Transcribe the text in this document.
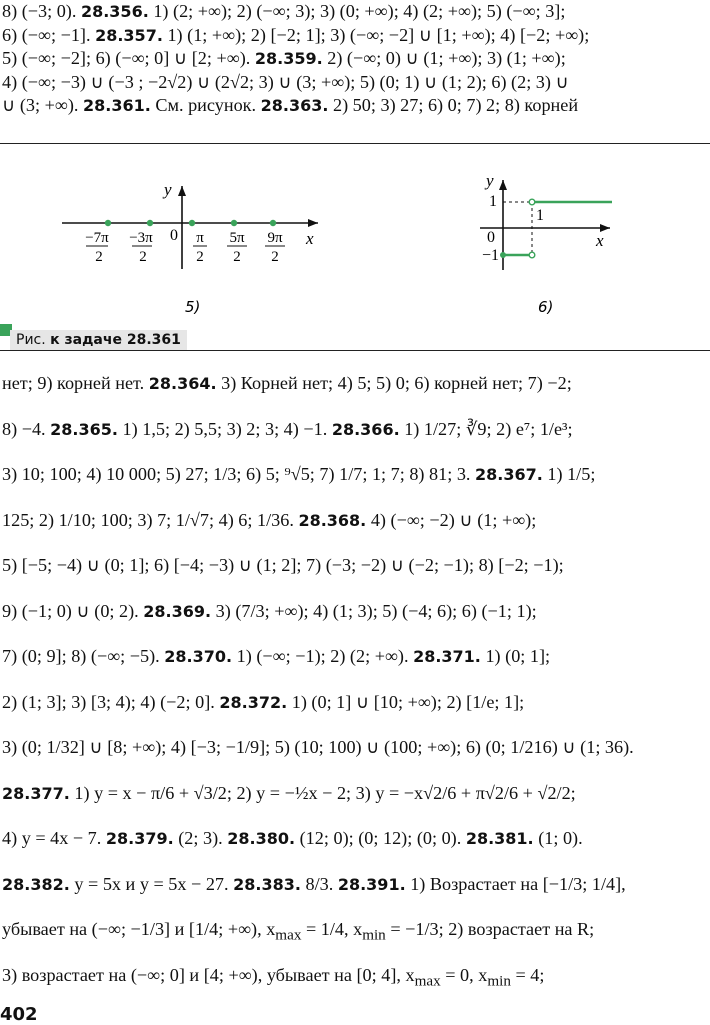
8) (−3; 0). 28.356. 1) (2; +∞); 2) (−∞; 3); 3) (0; +∞); 4) (2; +∞); 5) (−∞; 3];
6) (−∞; −1]. 28.357. 1) (1; +∞); 2) [−2; 1]; 3) (−∞; −2] ∪ [1; +∞); 4) [−2; +∞);
5) (−∞; −2]; 6) (−∞; 0] ∪ [2; +∞). 28.359. 2) (−∞; 0) ∪ (1; +∞); 3) (1; +∞);
4) (−∞; −3) ∪ (−3 ; −2√2) ∪ (2√2; 3) ∪ (3; +∞); 5) (0; 1) ∪ (1; 2); 6) (2; 3) ∪
∪ (3; +∞). 28.361. См. рисунок. 28.363. 2) 50; 3) 27; 6) 0; 7) 2; 8) корней
y
x
0
−7π
2
−3π
2
π
2
5π
2
9π
2
y
x
0
1
−1
1
5)	6)
Рис. к задаче 28.361
нет; 9) корней нет. 28.364. 3) Корней нет; 4) 5; 5) 0; 6) корней нет; 7) −2;
8) −4. 28.365. 1) 1,5; 2) 5,5; 3) 2; 3; 4) −1. 28.366. 1) 1/27; ∛9; 2) e⁷; 1/e³;
3) 10; 100; 4) 10 000; 5) 27; 1/3; 6) 5; ⁹√5; 7) 1/7; 1; 7; 8) 81; 3. 28.367. 1) 1/5;
125; 2) 1/10; 100; 3) 7; 1/√7; 4) 6; 1/36. 28.368. 4) (−∞; −2) ∪ (1; +∞);
5) [−5; −4) ∪ (0; 1]; 6) [−4; −3) ∪ (1; 2]; 7) (−3; −2) ∪ (−2; −1); 8) [−2; −1);
9) (−1; 0) ∪ (0; 2). 28.369. 3) (7/3; +∞); 4) (1; 3); 5) (−4; 6); 6) (−1; 1);
7) (0; 9]; 8) (−∞; −5). 28.370. 1) (−∞; −1); 2) (2; +∞). 28.371. 1) (0; 1];
2) (1; 3]; 3) [3; 4); 4) (−2; 0]. 28.372. 1) (0; 1] ∪ [10; +∞); 2) [1/e; 1];
3) (0; 1/32] ∪ [8; +∞); 4) [−3; −1/9]; 5) (10; 100) ∪ (100; +∞); 6) (0; 1/216) ∪ (1; 36).
28.377. 1) y = x − π/6 + √3/2; 2) y = −½x − 2; 3) y = −x√2/6 + π√2/6 + √2/2;
4) y = 4x − 7. 28.379. (2; 3). 28.380. (12; 0); (0; 12); (0; 0). 28.381. (1; 0).
28.382. y = 5x и y = 5x − 27. 28.383. 8/3. 28.391. 1) Возрастает на [−1/3; 1/4],
убывает на (−∞; −1/3] и [1/4; +∞), $x_{max} = 1/4$, $x_{min} = -1/3$; 2) возрастает на R;
3) возрастает на (−∞; 0] и [4; +∞), убывает на [0; 4], $x_{max} = 0$, $x_{min} = 4$;
402
